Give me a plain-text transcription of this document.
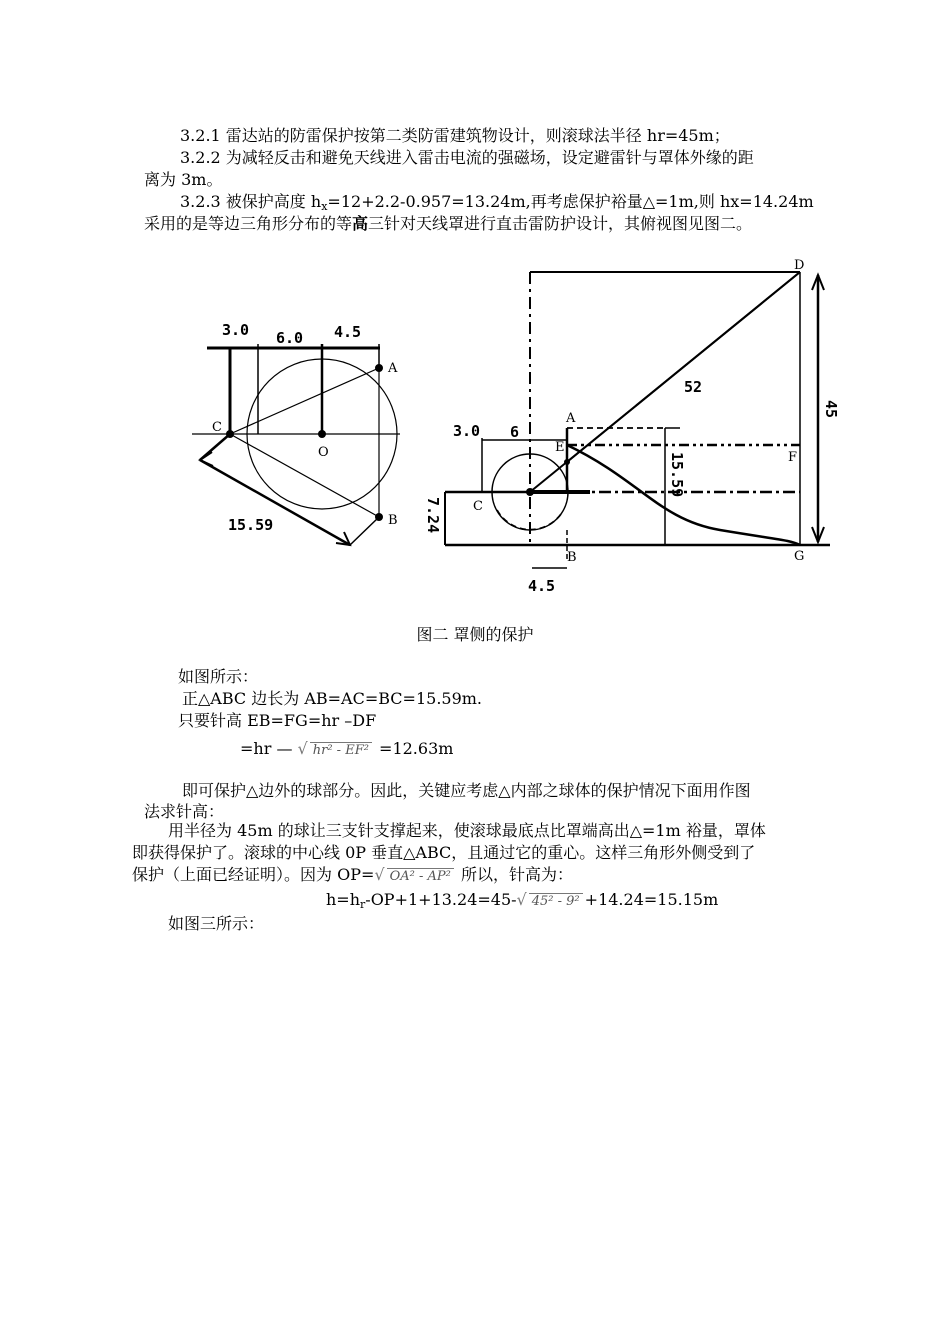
3.2.1 雷达站的防雷保护按第二类防雷建筑物设计，则滚球法半径 hr=45m；
3.2.2 为减轻反击和避免天线进入雷击电流的强磁场，设定避雷针与罩体外缘的距
离为 3m。
3.2.3 被保护高度 $h_x=12+2.2-0.957=13.24m$,再考虑保护裕量△=1m,则 hx=14.24m
采用的是等边三角形分布的等高三针对天线罩进行直击雷防护设计，其俯视图见图二。
3.0 6.0 4.5
15.59
A
B
C
O
3.0 6
52
45
15.59
7.24
4.5
A
B
C
D
E
F
G
图二 罩侧的保护
如图所示：
正△ABC 边长为 AB=AC=BC=15.59m.
只要针高 EB=FG=hr –DF
=hr — √ hr² - EF² =12.63m
即可保护△边外的球部分。因此，关键应考虑△内部之球体的保护情况下面用作图
法求针高：
用半径为 45m 的球让三支针支撑起来，使滚球最底点比罩端高出△=1m 裕量，罩体
即获得保护了。滚球的中心线 0P 垂直△ABC，且通过它的重心。这样三角形外侧受到了
保护（上面已经证明）。因为 OP=√ OA² - AP² 所以，针高为：
$h=h_r-OP+1+13.24=45-√$ 45² - 9² +14.24=15.15m
如图三所示：
